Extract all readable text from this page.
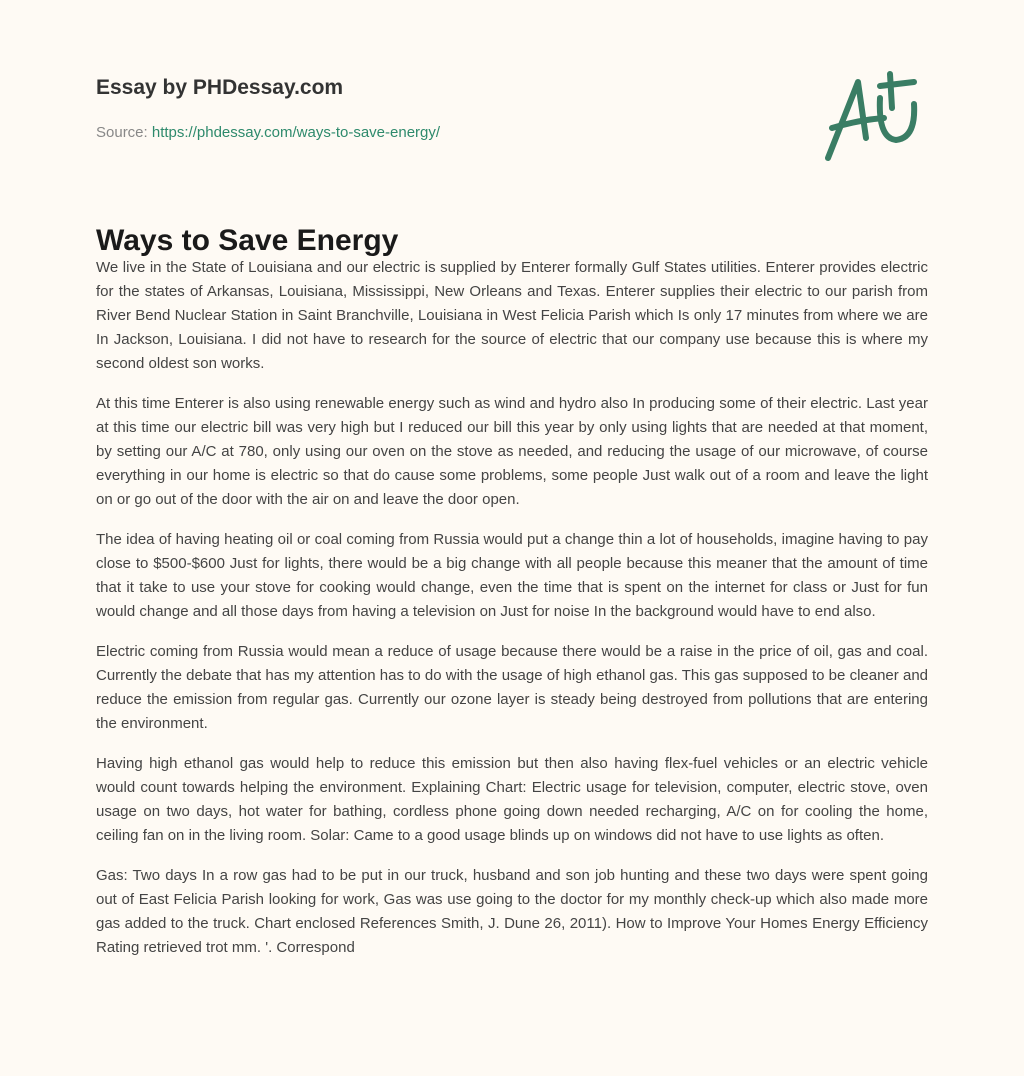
Essay by PHDessay.com
Source: https://phdessay.com/ways-to-save-energy/
Ways to Save Energy

We live in the State of Louisiana and our electric is supplied by Enterer formally Gulf States utilities. Enterer provides electric for the states of Arkansas, Louisiana, Mississippi, New Orleans and Texas. Enterer supplies their electric to our parish from River Bend Nuclear Station in Saint Branchville, Louisiana in West Felicia Parish which Is only 17 minutes from where we are In Jackson, Louisiana. I did not have to research for the source of electric that our company use because this is where my second oldest son works.

At this time Enterer is also using renewable energy such as wind and hydro also In producing some of their electric. Last year at this time our electric bill was very high but I reduced our bill this year by only using lights that are needed at that moment, by setting our A/C at 780, only using our oven on the stove as needed, and reducing the usage of our microwave, of course everything in our home is electric so that do cause some problems, some people Just walk out of a room and leave the light on or go out of the door with the air on and leave the door open.

The idea of having heating oil or coal coming from Russia would put a change thin a lot of households, imagine having to pay close to $500-$600 Just for lights, there would be a big change with all people because this meaner that the amount of time that it take to use your stove for cooking would change, even the time that is spent on the internet for class or Just for fun would change and all those days from having a television on Just for noise In the background would have to end also.

Electric coming from Russia would mean a reduce of usage because there would be a raise in the price of oil, gas and coal. Currently the debate that has my attention has to do with the usage of high ethanol gas. This gas supposed to be cleaner and reduce the emission from regular gas. Currently our ozone layer is steady being destroyed from pollutions that are entering the environment.

Having high ethanol gas would help to reduce this emission but then also having flex-fuel vehicles or an electric vehicle would count towards helping the environment. Explaining Chart: Electric usage for television, computer, electric stove, oven usage on two days, hot water for bathing, cordless phone going down needed recharging, A/C on for cooling the home, ceiling fan on in the living room. Solar: Came to a good usage blinds up on windows did not have to use lights as often.

Gas: Two days In a row gas had to be put in our truck, husband and son job hunting and these two days were spent going out of East Felicia Parish looking for work, Gas was use going to the doctor for my monthly check-up which also made more gas added to the truck. Chart enclosed References Smith, J. Dune 26, 2011). How to Improve Your Homes Energy Efficiency Rating retrieved trot mm. '. Correspond
